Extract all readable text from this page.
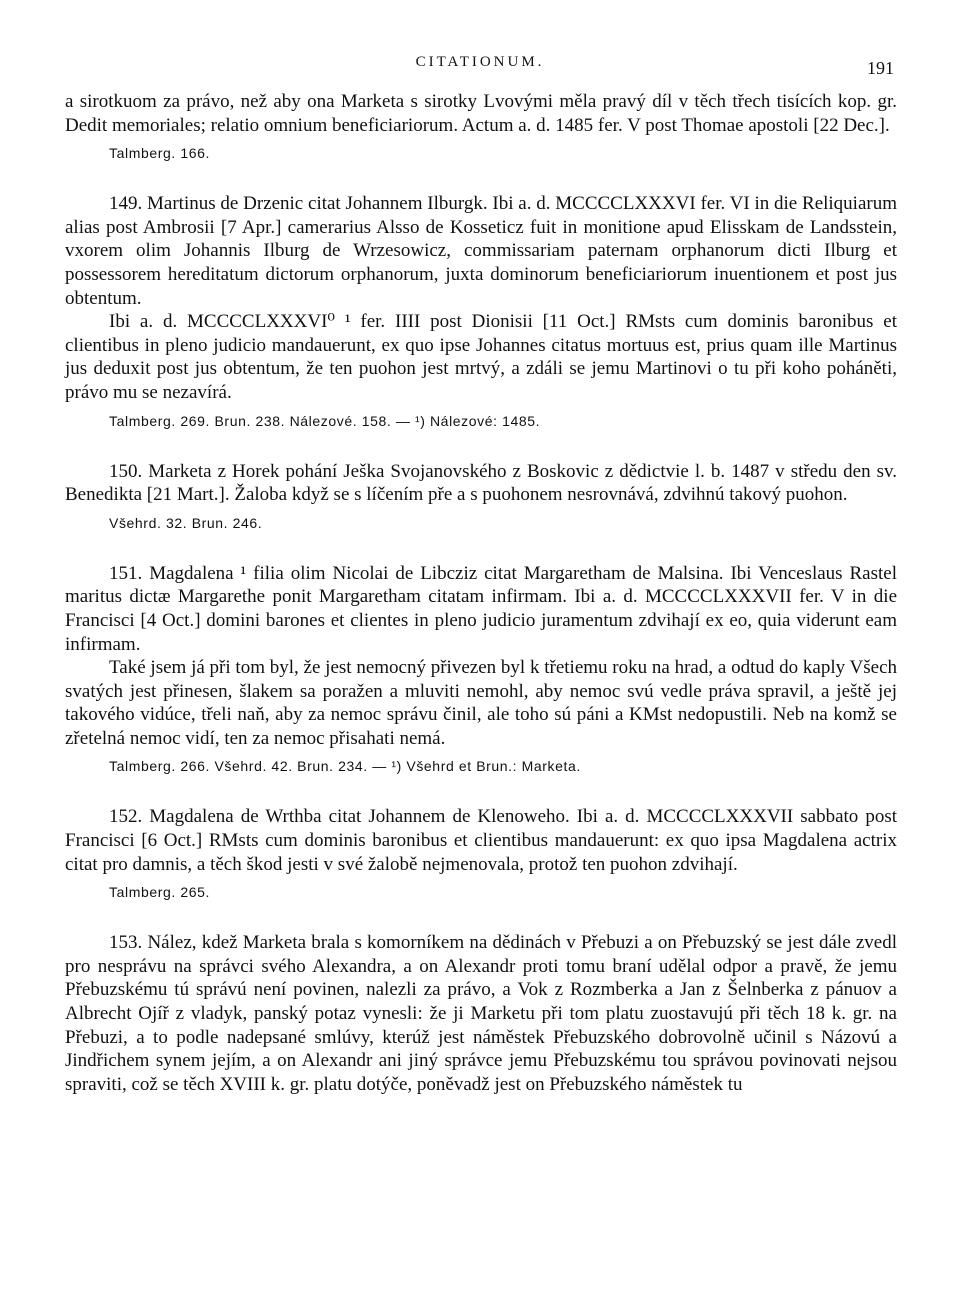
CITATIONUM.	191

a sirotkuom za právo, než aby ona Marketa s sirotky Lvovými měla pravý díl v těch třech tisících kop. gr. Dedit memoriales; relatio omnium beneficiariorum. Actum a. d. 1485 fer. V post Thomae apostoli [22 Dec.].

Talmberg. 166.

149. Martinus de Drzenic citat Johannem Ilburgk. Ibi a. d. MCCCCLXXXVI fer. VI in die Reliquiarum alias post Ambrosii [7 Apr.] camerarius Alsso de Kosseticz fuit in monitione apud Elisskam de Landsstein, vxorem olim Johannis Ilburg de Wrzesowicz, commissariam paternam orphanorum dicti Ilburg et possessorem hereditatum dictorum orphanorum, juxta dominorum beneficiariorum inuentionem et post jus obtentum.

Ibi a. d. MCCCCLXXXVI⁰ ¹ fer. IIII post Dionisii [11 Oct.] RMsts cum dominis baronibus et clientibus in pleno judicio mandauerunt, ex quo ipse Johannes citatus mortuus est, prius quam ille Martinus jus deduxit post jus obtentum, že ten puohon jest mrtvý, a zdáli se jemu Martinovi o tu při koho poháněti, právo mu se nezavírá.

Talmberg. 269. Brun. 238. Nálezové. 158. — ¹) Nálezové: 1485.

150. Marketa z Horek pohání Ješka Svojanovského z Boskovic z dědictvie l. b. 1487 v středu den sv. Benedikta [21 Mart.]. Žaloba když se s líčením pře a s puohonem nesrovnává, zdvihnú takový puohon.

Všehrd. 32. Brun. 246.

151. Magdalena ¹ filia olim Nicolai de Libcziz citat Margaretham de Malsina. Ibi Venceslaus Rastel maritus dictæ Margarethe ponit Margaretham citatam infirmam. Ibi a. d. MCCCCLXXXVII fer. V in die Francisci [4 Oct.] domini barones et clientes in pleno judicio juramentum zdvihají ex eo, quia viderunt eam infirmam.

Také jsem já při tom byl, že jest nemocný přivezen byl k třetiemu roku na hrad, a odtud do kaply Všech svatých jest přinesen, šlakem sa poražen a mluviti nemohl, aby nemoc svú vedle práva spravil, a ještě jej takového vidúce, třeli naň, aby za nemoc správu činil, ale toho sú páni a KMst nedopustili. Neb na komž se zřetelná nemoc vidí, ten za nemoc přisahati nemá.

Talmberg. 266. Všehrd. 42. Brun. 234. — ¹) Všehrd et Brun.: Marketa.

152. Magdalena de Wrthba citat Johannem de Klenoweho. Ibi a. d. MCCCCLXXXVII sabbato post Francisci [6 Oct.] RMsts cum dominis baronibus et clientibus mandauerunt: ex quo ipsa Magdalena actrix citat pro damnis, a těch škod jesti v své žalobě nejmenovala, protož ten puohon zdvihají.

Talmberg. 265.

153. Nález, kdež Marketa brala s komorníkem na dědinách v Přebuzi a on Přebuzský se jest dále zvedl pro nesprávu na správci svého Alexandra, a on Alexandr proti tomu braní udělal odpor a pravě, že jemu Přebuzskému tú správú není povinen, nalezli za právo, a Vok z Rozmberka a Jan z Šelnberka z pánuov a Albrecht Ojíř z vladyk, panský potaz vynesli: že ji Marketu při tom platu zuostavujú při těch 18 k. gr. na Přebuzi, a to podle nadepsané smlúvy, kterúž jest náměstek Přebuzského dobrovolně učinil s Názovú a Jindřichem synem jejím, a on Alexandr ani jiný správce jemu Přebuzskému tou správou povinovati nejsou spraviti, což se těch XVIII k. gr. platu dotýče, poněvadž jest on Přebuzského náměstek tu
